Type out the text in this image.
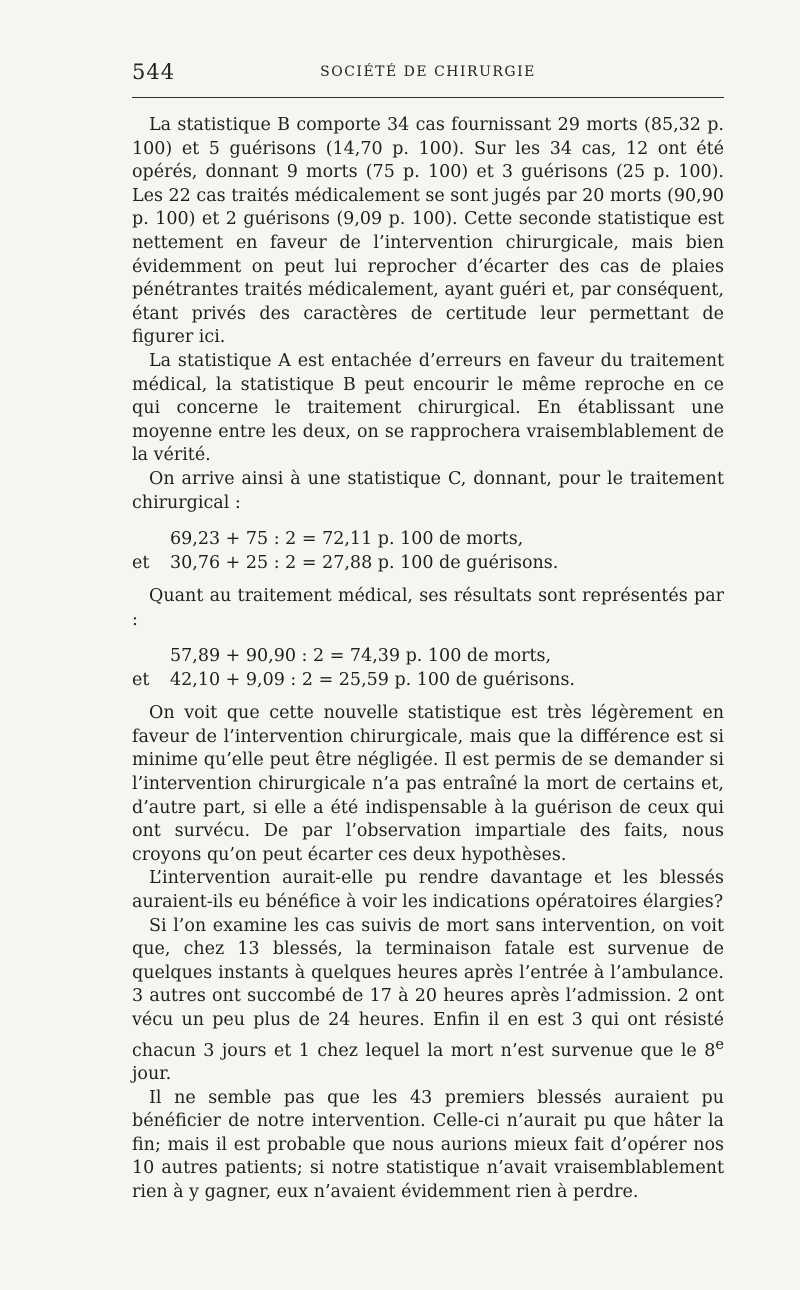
544	SOCIÉTÉ DE CHIRURGIE

La statistique B comporte 34 cas fournissant 29 morts (85,32 p. 100) et 5 guérisons (14,70 p. 100). Sur les 34 cas, 12 ont été opérés, donnant 9 morts (75 p. 100) et 3 guérisons (25 p. 100). Les 22 cas traités médicalement se sont jugés par 20 morts (90,90 p. 100) et 2 guérisons (9,09 p. 100). Cette seconde statistique est nettement en faveur de l’intervention chirurgicale, mais bien évidemment on peut lui reprocher d’écarter des cas de plaies pénétrantes traités médicalement, ayant guéri et, par conséquent, étant privés des caractères de certitude leur permettant de figurer ici.

La statistique A est entachée d’erreurs en faveur du traitement médical, la statistique B peut encourir le même reproche en ce qui concerne le traitement chirurgical. En établissant une moyenne entre les deux, on se rapprochera vraisemblablement de la vérité.

On arrive ainsi à une statistique C, donnant, pour le traitement chirurgical :

69,23 + 75 : 2 = 72,11 p. 100 de morts,
et 30,76 + 25 : 2 = 27,88 p. 100 de guérisons.

Quant au traitement médical, ses résultats sont représentés par :

57,89 + 90,90 : 2 = 74,39 p. 100 de morts,
et 42,10 + 9,09 : 2 = 25,59 p. 100 de guérisons.

On voit que cette nouvelle statistique est très légèrement en faveur de l’intervention chirurgicale, mais que la différence est si minime qu’elle peut être négligée. Il est permis de se demander si l’intervention chirurgicale n’a pas entraîné la mort de certains et, d’autre part, si elle a été indispensable à la guérison de ceux qui ont survécu. De par l’observation impartiale des faits, nous croyons qu’on peut écarter ces deux hypothèses.

L’intervention aurait-elle pu rendre davantage et les blessés auraient-ils eu bénéfice à voir les indications opératoires élargies?

Si l’on examine les cas suivis de mort sans intervention, on voit que, chez 13 blessés, la terminaison fatale est survenue de quelques instants à quelques heures après l’entrée à l’ambulance. 3 autres ont succombé de 17 à 20 heures après l’admission. 2 ont vécu un peu plus de 24 heures. Enfin il en est 3 qui ont résisté chacun 3 jours et 1 chez lequel la mort n’est survenue que le 8e jour.

Il ne semble pas que les 43 premiers blessés auraient pu bénéficier de notre intervention. Celle-ci n’aurait pu que hâter la fin; mais il est probable que nous aurions mieux fait d’opérer nos 10 autres patients; si notre statistique n’avait vraisemblablement rien à y gagner, eux n’avaient évidemment rien à perdre.
